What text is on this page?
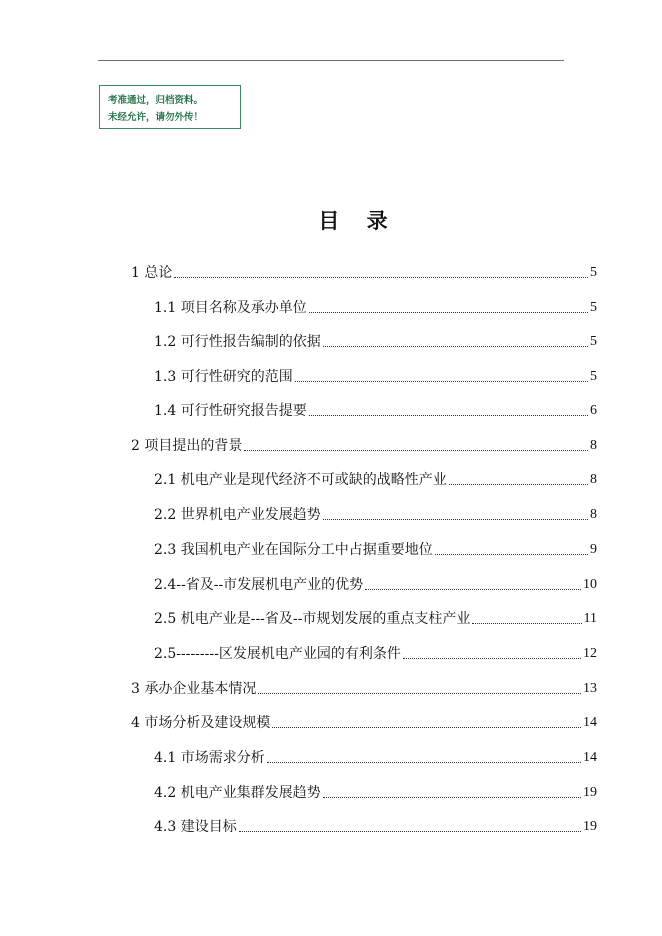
考准通过，归档资料。
未经允许，请勿外传！
目 录
1 总论	5
1.1 项目名称及承办单位	5
1.2 可行性报告编制的依据	5
1.3 可行性研究的范围	5
1.4 可行性研究报告提要	6
2 项目提出的背景	8
2.1 机电产业是现代经济不可或缺的战略性产业	8
2.2 世界机电产业发展趋势	8
2.3 我国机电产业在国际分工中占据重要地位	9
2.4--省及--市发展机电产业的优势	10
2.5 机电产业是---省及--市规划发展的重点支柱产业	11
2.5---------区发展机电产业园的有利条件	12
3 承办企业基本情况	13
4 市场分析及建设规模	14
4.1 市场需求分析	14
4.2 机电产业集群发展趋势	19
4.3 建设目标	19
